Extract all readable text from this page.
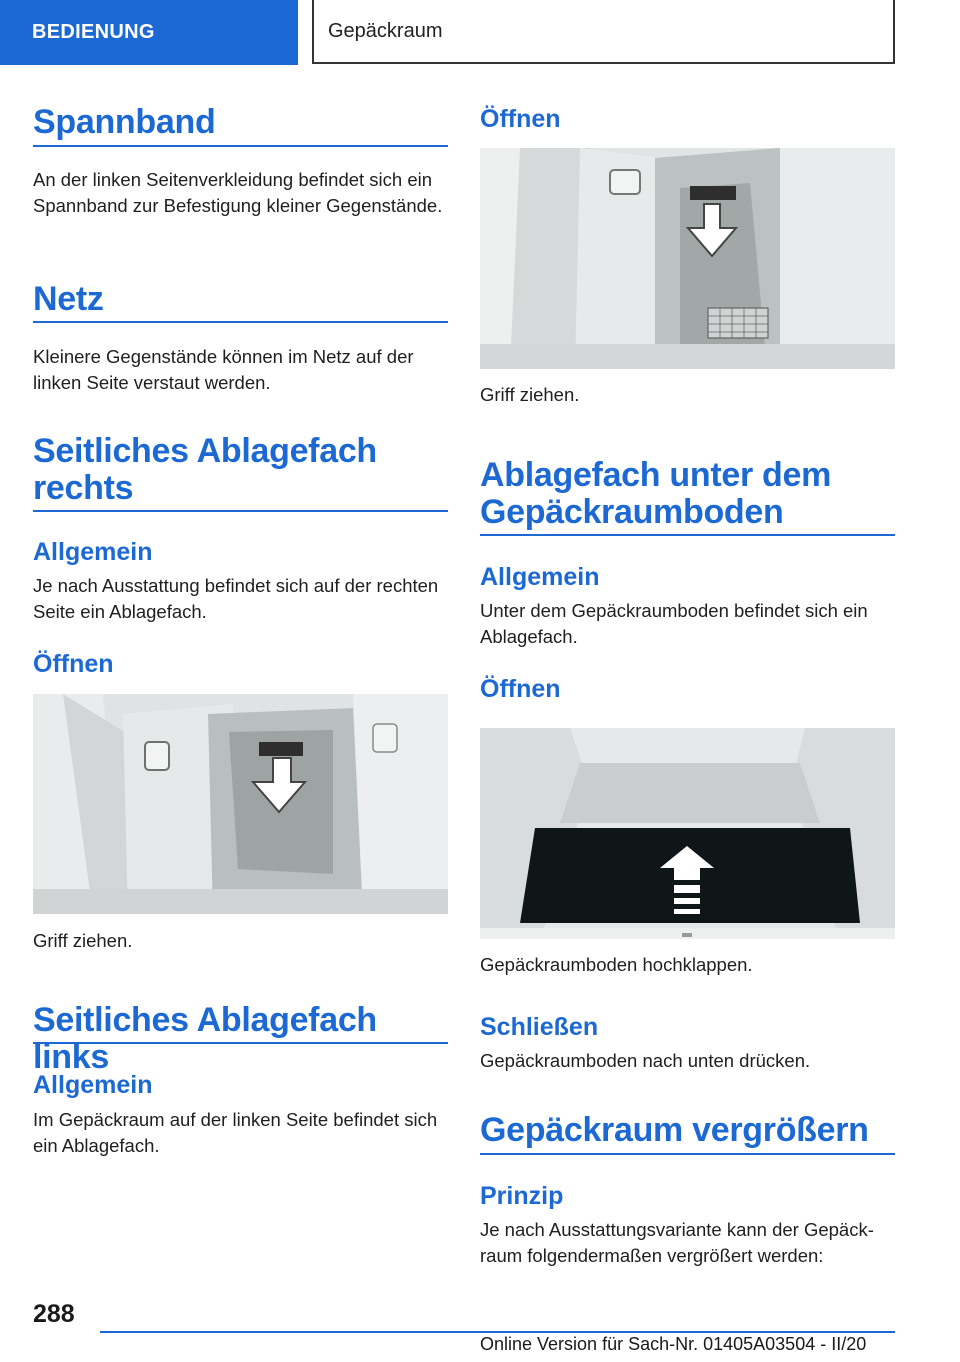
BEDIENUNG	Gepäckraum
Spannband

An der linken Seitenverkleidung befindet sich ein Spannband zur Befestigung kleiner Gegenstände.

Netz

Kleinere Gegenstände können im Netz auf der linken Seite verstaut werden.

Seitliches Ablagefach rechts
Allgemein

Je nach Ausstattung befindet sich auf der rechten Seite ein Ablagefach.

Öffnen

Griff ziehen.

Seitliches Ablagefach links
Allgemein

Im Gepäckraum auf der linken Seite befindet sich ein Ablagefach.

Öffnen

Griff ziehen.

Ablagefach unter dem Gepäckraumboden
Allgemein

Unter dem Gepäckraumboden befindet sich ein Ablagefach.

Öffnen

Gepäckraumboden hochklappen.

Schließen

Gepäckraumboden nach unten drücken.

Gepäckraum vergrößern
Prinzip

Je nach Ausstattungsvariante kann der Gepäckraum folgendermaßen vergrößert werden:

288
Online Version für Sach-Nr. 01405A03504 - II/20
